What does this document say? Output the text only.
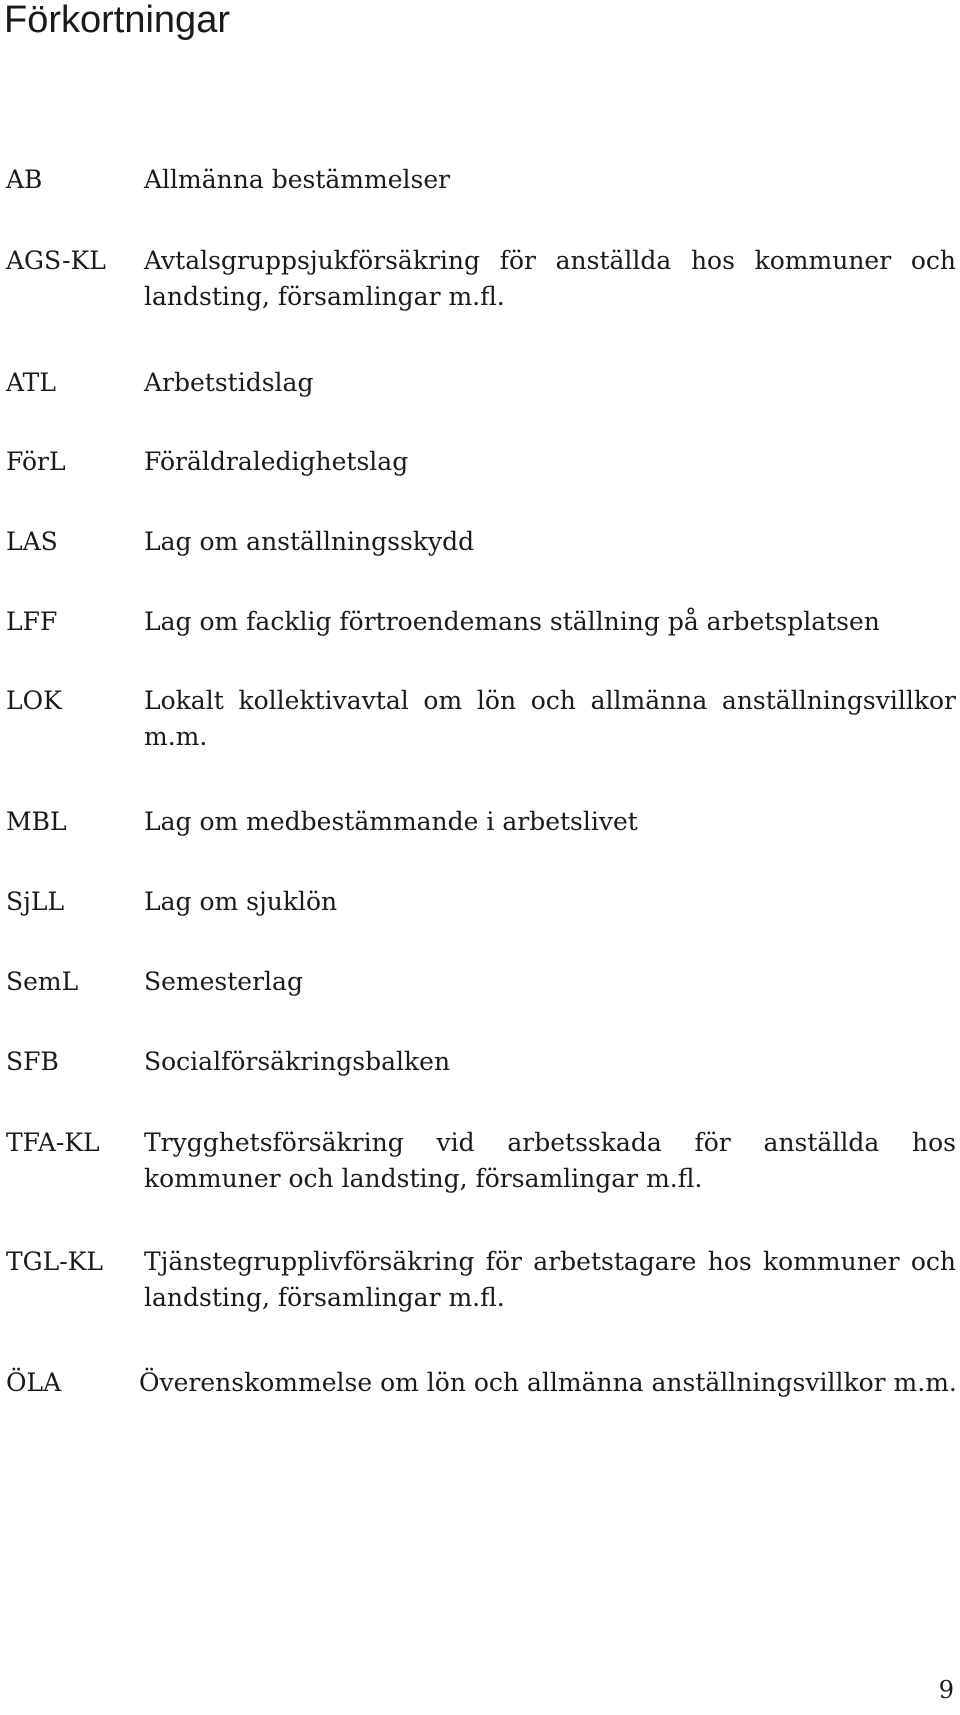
Förkortningar
AB	Allmänna bestämmelser
AGS-KL Avtalsgruppsjukförsäkring för anställda hos kommuner och landsting, församlingar m.fl.
ATL	Arbetstidslag
FörL	Föräldraledighetslag
LAS	Lag om anställningsskydd
LFF	Lag om facklig förtroendemans ställning på arbetsplatsen
LOK	Lokalt kollektivavtal om lön och allmänna anställningsvillkor m.m.
MBL	Lag om medbestämmande i arbetslivet
SjLL	Lag om sjuklön
SemL	Semesterlag
SFB	Socialförsäkringsbalken
TFA-KL Trygghetsförsäkring vid arbetsskada för anställda hos kommuner och landsting, församlingar m.fl.
TGL-KL Tjänstegrupplivförsäkring för arbetstagare hos kommuner och landsting, församlingar m.fl.
ÖLA	Överenskommelse om lön och allmänna anställningsvillkor m.m.
9
